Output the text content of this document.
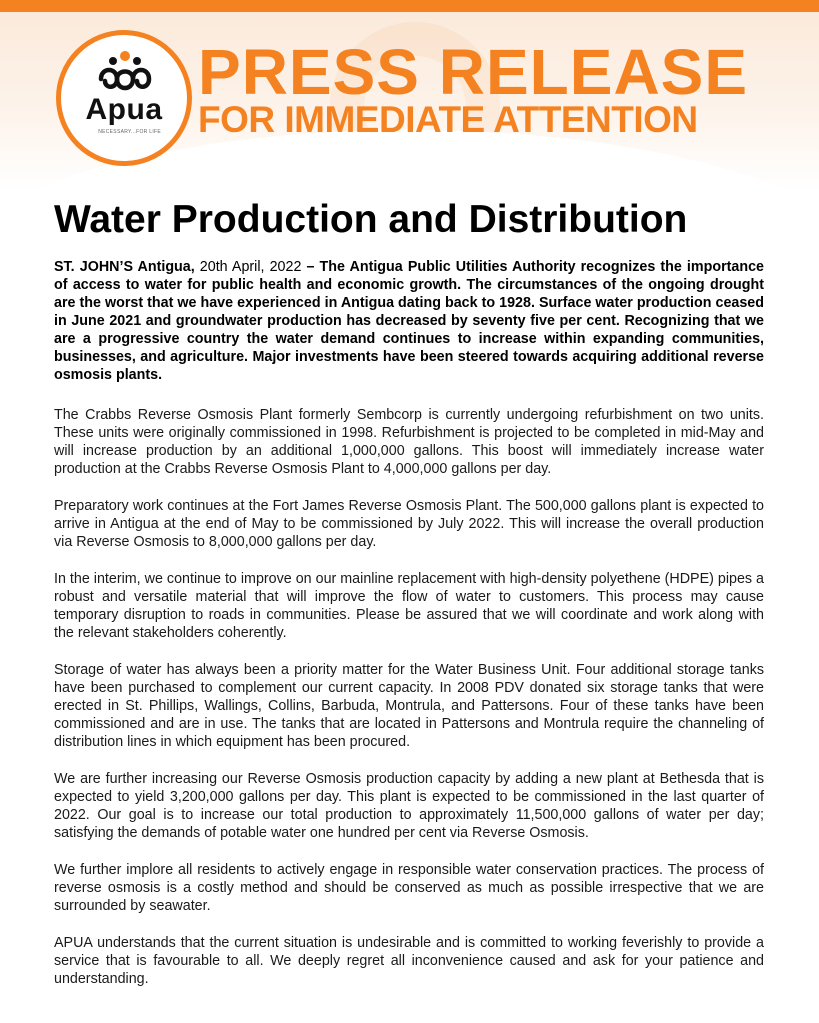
Apua
NECESSARY...FOR LIFE
PRESS RELEASE
FOR IMMEDIATE ATTENTION
Water Production and Distribution

ST. JOHN’S Antigua, 20th April, 2022 – The Antigua Public Utilities Authority recognizes the importance of access to water for public health and economic growth. The circumstances of the ongoing drought are the worst that we have experienced in Antigua dating back to 1928. Surface water production ceased in June 2021 and groundwater production has decreased by seventy five per cent. Recognizing that we are a progressive country the water demand continues to increase within expanding communities, businesses, and agriculture. Major investments have been steered towards acquiring additional reverse osmosis plants.

The Crabbs Reverse Osmosis Plant formerly Sembcorp is currently undergoing refurbishment on two units. These units were originally commissioned in 1998. Refurbishment is projected to be completed in mid-May and will increase production by an additional 1,000,000 gallons. This boost will immediately increase water production at the Crabbs Reverse Osmosis Plant to 4,000,000 gallons per day.

Preparatory work continues at the Fort James Reverse Osmosis Plant. The 500,000 gallons plant is expected to arrive in Antigua at the end of May to be commissioned by July 2022. This will increase the overall production via Reverse Osmosis to 8,000,000 gallons per day.

In the interim, we continue to improve on our mainline replacement with high-density polyethene (HDPE) pipes a robust and versatile material that will improve the flow of water to customers. This process may cause temporary disruption to roads in communities. Please be assured that we will coordinate and work along with the relevant stakeholders coherently.

Storage of water has always been a priority matter for the Water Business Unit. Four additional storage tanks have been purchased to complement our current capacity. In 2008 PDV donated six storage tanks that were erected in St. Phillips, Wallings, Collins, Barbuda, Montrula, and Pattersons. Four of these tanks have been commissioned and are in use. The tanks that are located in Pattersons and Montrula require the channeling of distribution lines in which equipment has been procured.

We are further increasing our Reverse Osmosis production capacity by adding a new plant at Bethesda that is expected to yield 3,200,000 gallons per day. This plant is expected to be commissioned in the last quarter of 2022. Our goal is to increase our total production to approximately 11,500,000 gallons of water per day; satisfying the demands of potable water one hundred per cent via Reverse Osmosis.

We further implore all residents to actively engage in responsible water conservation practices. The process of reverse osmosis is a costly method and should be conserved as much as possible irrespective that we are surrounded by seawater.

APUA understands that the current situation is undesirable and is committed to working feverishly to provide a service that is favourable to all. We deeply regret all inconvenience caused and ask for your patience and understanding.
